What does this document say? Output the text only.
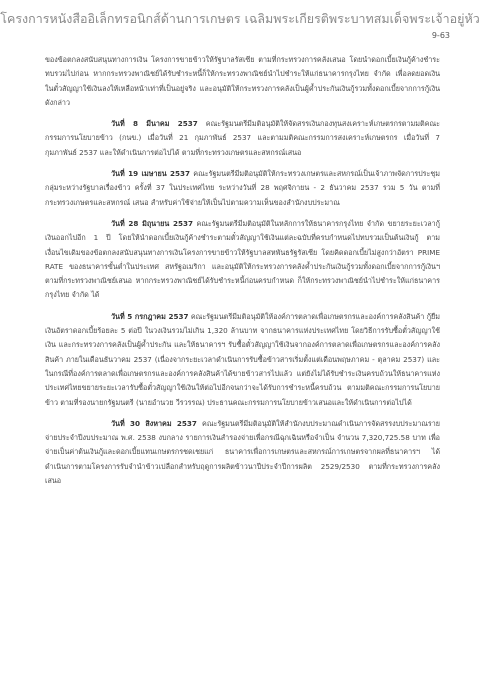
โครงการหนังสืออิเล็กทรอนิกส์ด้านการเกษตร เฉลิมพระเกียรติพระบาทสมเด็จพระเจ้าอยู่หัว
9-63

ของข้อตกลงสนับสนุนทางการเงิน โครงการขายข้าวให้รัฐบาลรัสเซีย ตามที่กระทรวงการคลังเสนอ โดยนำดอกเบี้ยเงินกู้ค้างชำระทบรวมไปก่อน หากกระทรวงพาณิชย์ได้รับชำระหนี้ก็ให้กระทรวงพาณิชย์นำไปชำระให้แก่ธนาคารกรุงไทย จำกัด เพื่อลดยอดเงินในตั๋วสัญญาใช้เงินลงให้เหลือหน้าเท่าที่เป็นอยู่จริง และอนุมัติให้กระทรวงการคลังเป็นผู้ค้ำประกันเงินกู้รวมทั้งดอกเบี้ยจากการกู้เงินดังกล่าว

วันที่ 8 มีนาคม 2537 คณะรัฐมนตรีมีมติอนุมัติให้จัดสรรเงินกองทุนสงเคราะห์เกษตรกรตามมติคณะกรรมการนโยบายข้าว (กนข.) เมื่อวันที่ 21 กุมภาพันธ์ 2537 และตามมติคณะกรรมการสงเคราะห์เกษตรกร เมื่อวันที่ 7 กุมภาพันธ์ 2537 และให้ดำเนินการต่อไปได้ ตามที่กระทรวงเกษตรและสหกรณ์เสนอ

วันที่ 19 เมษายน 2537 คณะรัฐมนตรีมีมติอนุมัติให้กระทรวงเกษตรและสหกรณ์เป็นเจ้าภาพจัดการประชุมกลุ่มระหว่างรัฐบาลเรื่องข้าว ครั้งที่ 37 ในประเทศไทย ระหว่างวันที่ 28 พฤศจิกายน - 2 ธันวาคม 2537 รวม 5 วัน ตามที่กระทรวงเกษตรและสหกรณ์ เสนอ สำหรับค่าใช้จ่ายให้เป็นไปตามความเห็นของสำนักงบประมาณ

วันที่ 28 มิถุนายน 2537 คณะรัฐมนตรีมีมติอนุมัติในหลักการให้ธนาคารกรุงไทย จำกัด ขยายระยะเวลากู้เงินออกไปอีก 1 ปี โดยให้นำดอกเบี้ยเงินกู้ค้างชำระตามตั๋วสัญญาใช้เงินแต่ละฉบับที่ครบกำหนดไปทบรวมเป็นต้นเงินกู้ ตามเงื่อนไขเดิมของข้อตกลงสนับสนุนทางการเงินโครงการขายข้าวให้รัฐบาลสหพันธรัฐรัสเซีย โดยคิดดอกเบี้ยไม่สูงกว่าอัตรา PRIME RATE ของธนาคารขั้นต่ำในประเทศ สหรัฐอเมริกา และอนุมัติให้กระทรวงการคลังค้ำประกันเงินกู้รวมทั้งดอกเบี้ยจากการกู้เงินฯ ตามที่กระทรวงพาณิชย์เสนอ หากกระทรวงพาณิชย์ได้รับชำระหนี้ก่อนครบกำหนด ก็ให้กระทรวงพาณิชย์นำไปชำระให้แก่ธนาคารกรุงไทย จำกัด ได้

วันที่ 5 กรกฎาคม 2537 คณะรัฐมนตรีมีมติอนุมัติให้องค์การตลาดเพื่อเกษตรกรและองค์การคลังสินค้า กู้ยืมเงินอัตราดอกเบี้ยร้อยละ 5 ต่อปี ในวงเงินรวมไม่เกิน 1,320 ล้านบาท จากธนาคารแห่งประเทศไทย โดยวิธีการรับซื้อตั๋วสัญญาใช้เงิน และกระทรวงการคลังเป็นผู้ค้ำประกัน และให้ธนาคารฯ รับซื้อตั๋วสัญญาใช้เงินจากองค์การตลาดเพื่อเกษตรกรและองค์การคลังสินค้า ภายในเดือนธันวาคม 2537 (เนื่องจากระยะเวลาดำเนินการรับซื้อข้าวสารเริ่มตั้งแต่เดือนพฤษภาคม - ตุลาคม 2537) และในกรณีที่องค์การตลาดเพื่อเกษตรกรและองค์การคลังสินค้าได้ขายข้าวสารไปแล้ว แต่ยังไม่ได้รับชำระเงินครบถ้วนให้ธนาคารแห่งประเทศไทยขยายระยะเวลารับซื้อตั๋วสัญญาใช้เงินให้ต่อไปอีกจนกว่าจะได้รับการชำระหนี้ครบถ้วน ตามมติคณะกรรมการนโยบายข้าว ตามที่รองนายกรัฐมนตรี (นายอำนวย วีรวรรณ) ประธานคณะกรรมการนโยบายข้าวเสนอและให้ดำเนินการต่อไปได้

วันที่ 30 สิงหาคม 2537 คณะรัฐมนตรีมีมติอนุมัติให้สำนักงบประมาณดำเนินการจัดสรรงบประมาณรายจ่ายประจำปีงบประมาณ พ.ศ. 2538 งบกลาง รายการเงินสำรองจ่ายเพื่อกรณีฉุกเฉินหรือจำเป็น จำนวน 7,320,725.58 บาท เพื่อจ่ายเป็นค่าต้นเงินกู้และดอกเบี้ยแทนเกษตรกรชดเชยแก่ ธนาคารเพื่อการเกษตรและสหกรณ์การเกษตรจากผลที่ธนาคารฯ ได้ดำเนินการตามโครงการรับจำนำข้าวเปลือกสำหรับฤดูการผลิตข้าวนาปีประจำปีการผลิต 2529/2530 ตามที่กระทรวงการคลังเสนอ
